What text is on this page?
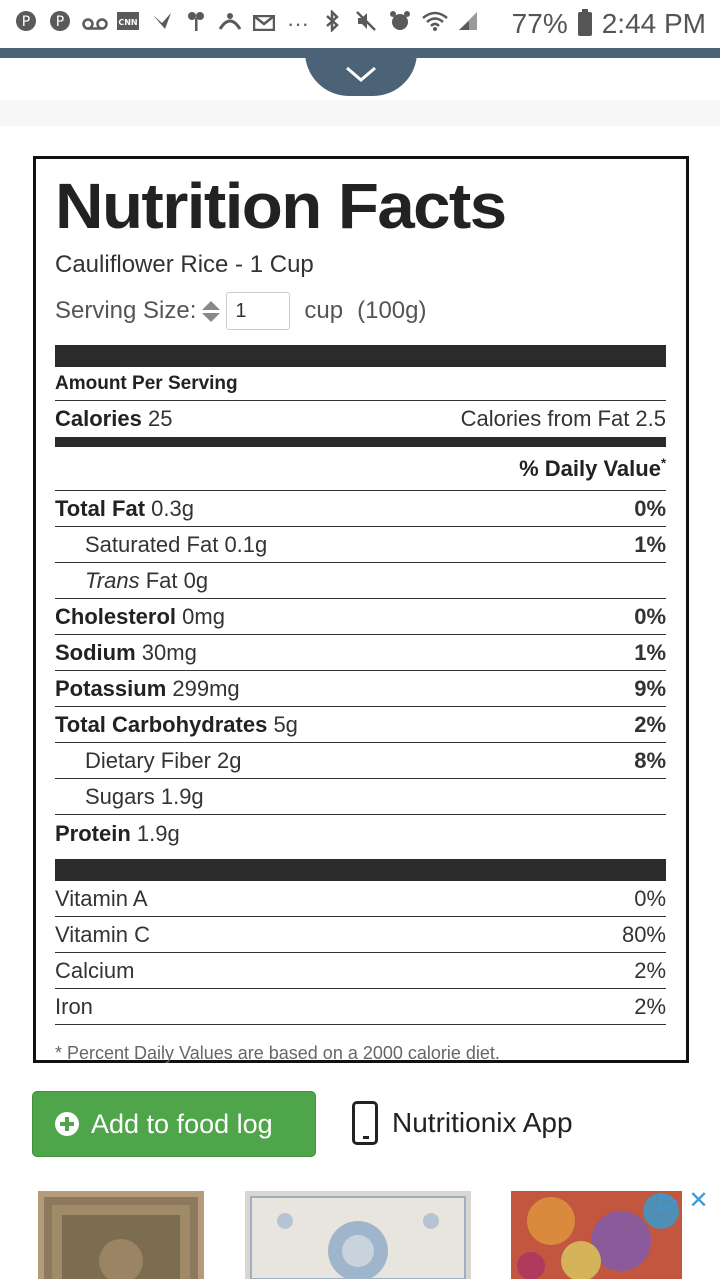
P P	CNN	···	77% 2:44 PM
Nutrition Facts
Cauliflower Rice - 1 Cup
Serving Size:
1	cup (100g)
Amount Per Serving
Calories 25	Calories from Fat 2.5
% Daily Value*
Total Fat 0.3g	0%
Saturated Fat 0.1g	1%
Trans Fat 0g
Cholesterol 0mg	0%
Sodium 30mg	1%
Potassium 299mg	9%
Total Carbohydrates 5g	2%
Dietary Fiber 2g	8%
Sugars 1.9g
Protein 1.9g
Vitamin A	0%
Vitamin C	80%
Calcium	2%
Iron	2%
* Percent Daily Values are based on a 2000 calorie diet.
Add to food log	Nutritionix App
▷ ✕
